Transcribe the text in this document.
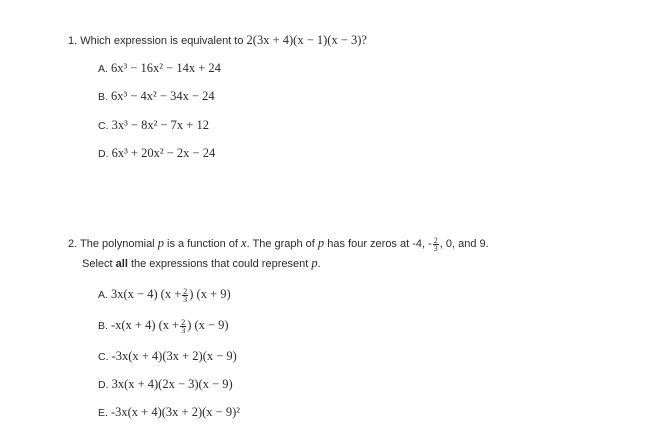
1. Which expression is equivalent to 2(3x + 4)(x − 1)(x − 3)?
A. 6x³ − 16x² − 14x + 24
B. 6x³ − 4x² − 34x − 24
C. 3x³ − 8x² − 7x + 12
D. 6x³ + 20x² − 2x − 24
2. The polynomial p is a function of x. The graph of p has four zeros at -4, - $\frac{2}{3}$ , 0, and 9.
Select all the expressions that could represent p.
A. 3x(x − 4) ($x + \frac{2}{3}$ ) (x + 9)
B. -x(x + 4) ($x + \frac{2}{3}$ ) (x − 9)
C. -3x(x + 4)(3x + 2)(x − 9)
D. 3x(x + 4)(2x − 3)(x − 9)
E. -3x(x + 4)(3x + 2)(x − 9)²
